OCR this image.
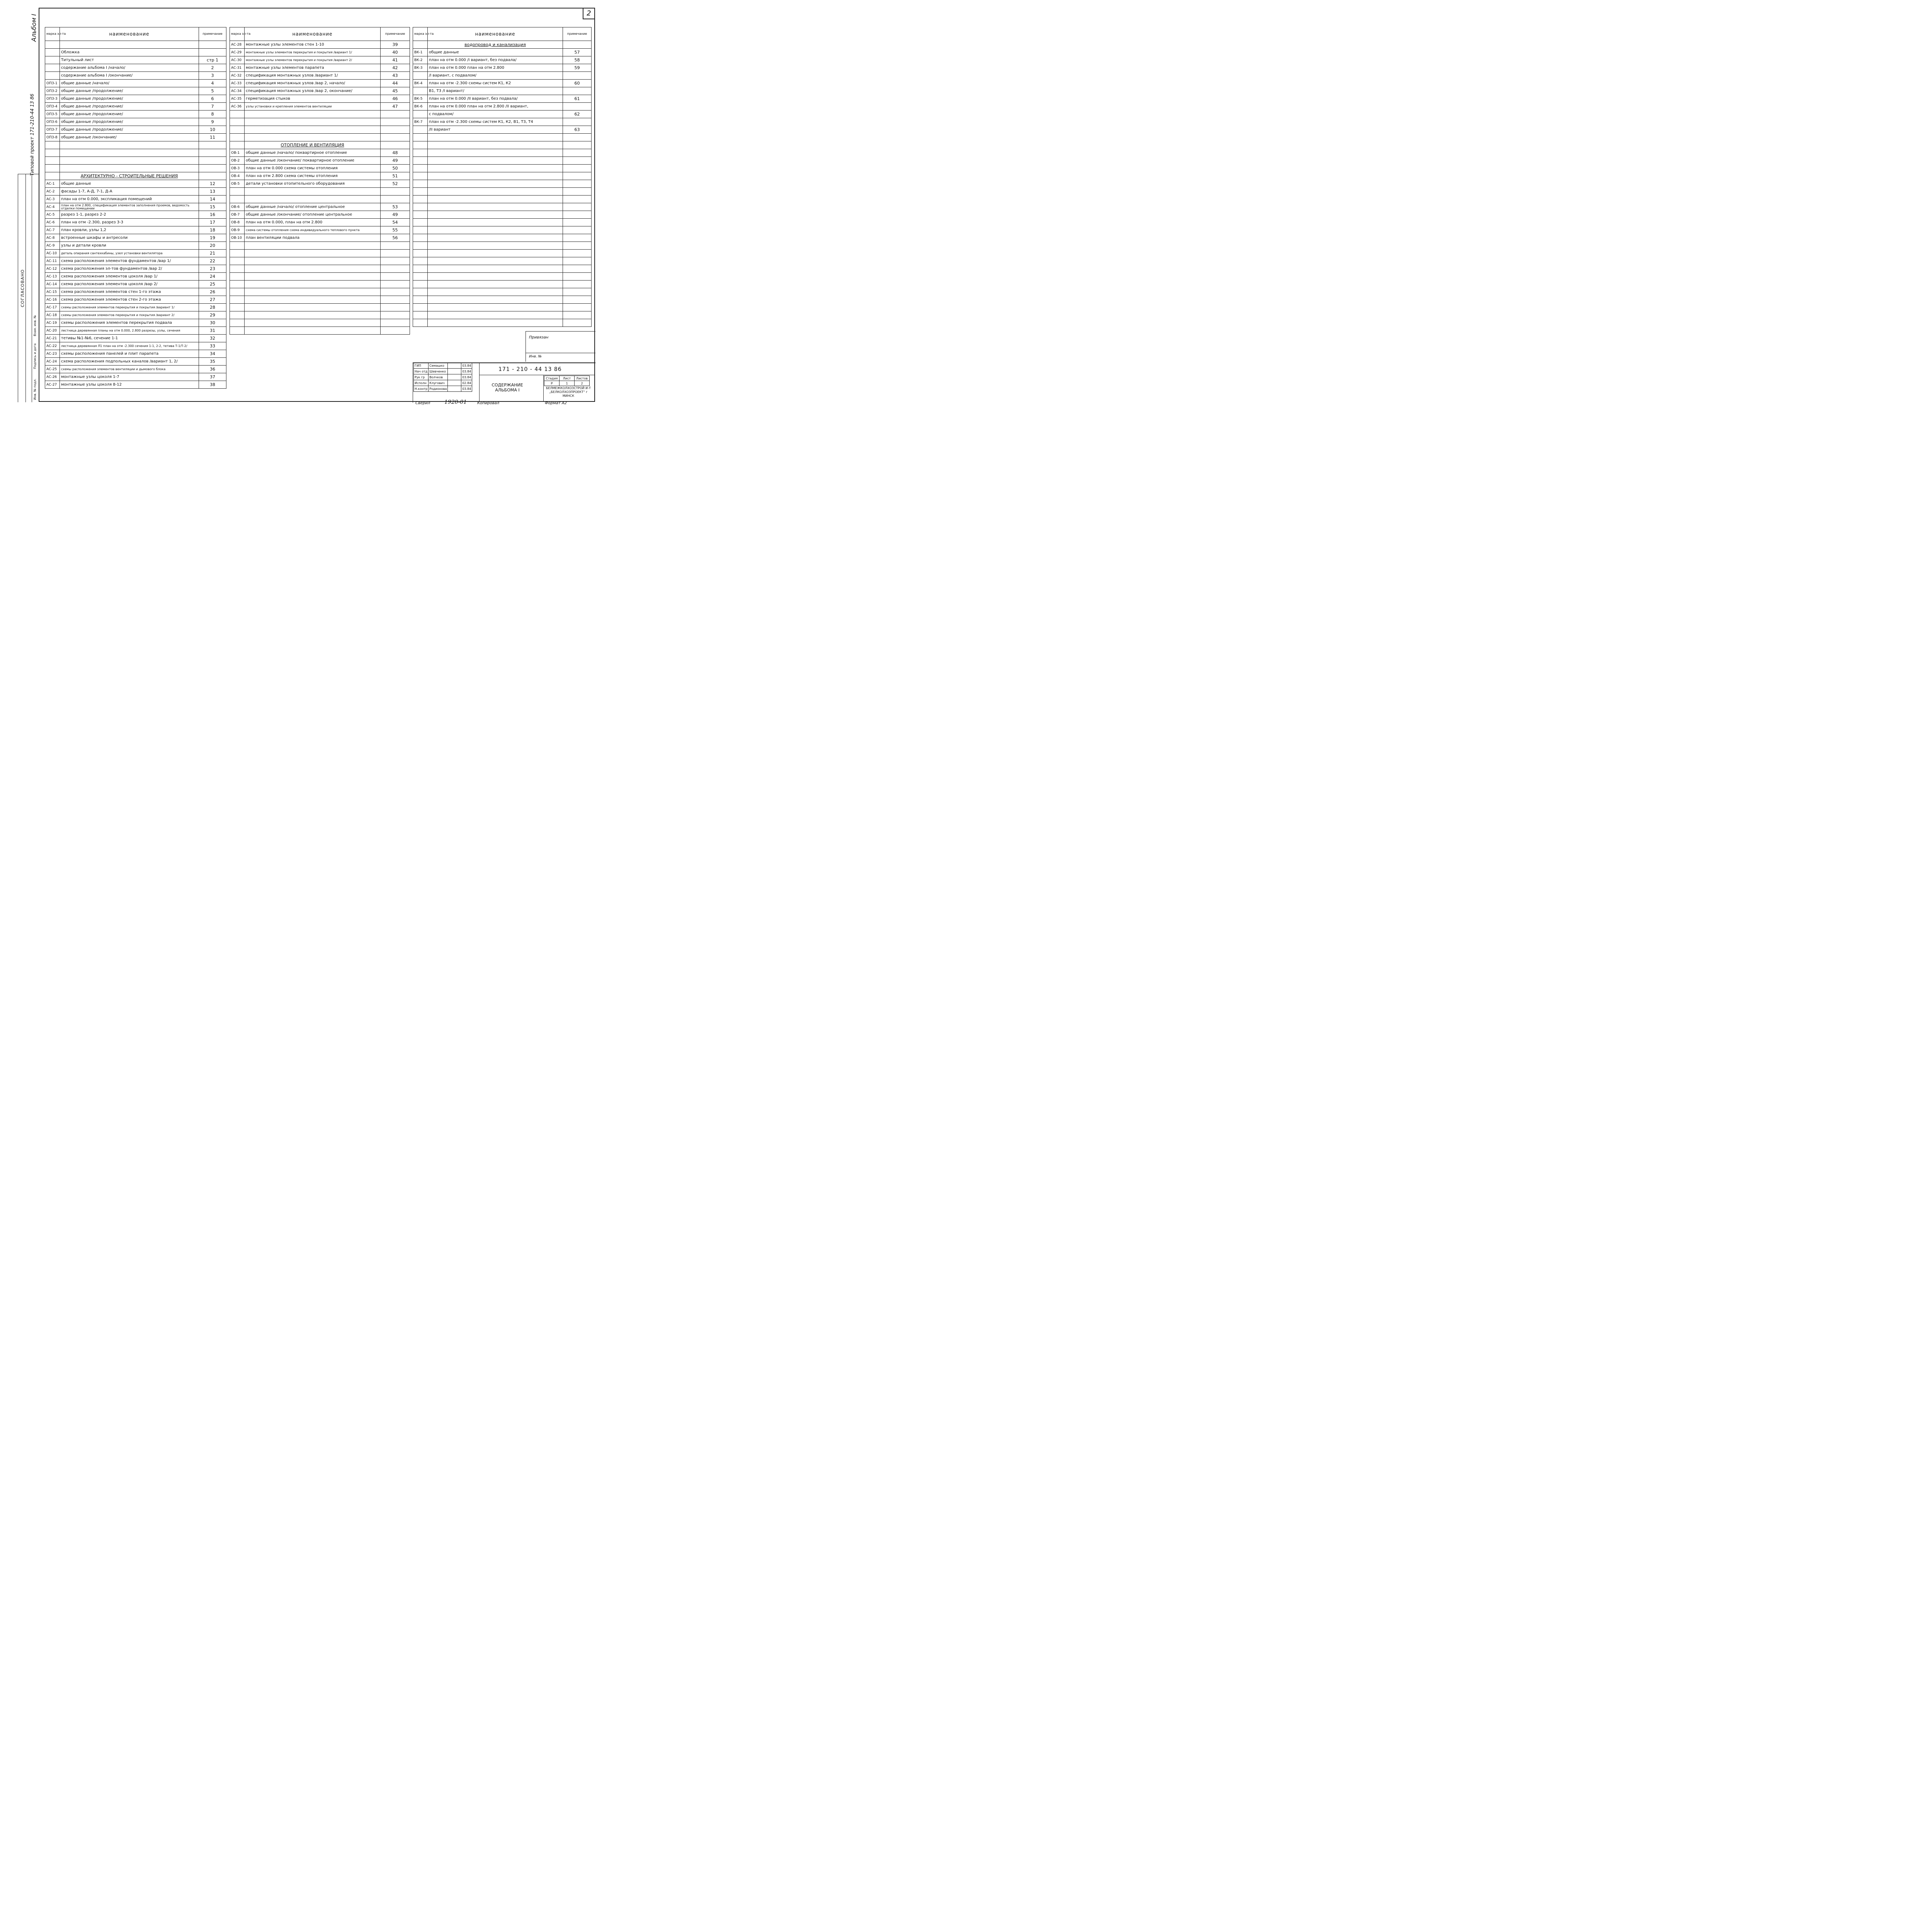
2
Альбом I
Типовой проект 171-210-44 13 86
СОГЛАСОВАНО
Инв. № подл.
Подпись и дата
Взам. инв. №
марка эл-та	наименование	примечание

	Обложка	
	Титульный лист	стр 1
	содержание альбома I /начало/	2
	содержание альбома I /окончание/	3
ОПЗ-1	общие данные /начало/	4
ОПЗ-2	общие данные /продолжение/	5
ОПЗ-3	общие данные /продолжение/	6
ОПЗ-4	общие данные /продолжение/	7
ОПЗ-5	общие данные /продолжение/	8
ОПЗ-6	общие данные /продолжение/	9
ОПЗ-7	общие данные /продолжение/	10
ОПЗ-8	общие данные /окончание/	11

	АРХИТЕКТУРНО - СТРОИТЕЛЬНЫЕ РЕШЕНИЯ	
АС-1	общие данные	12
АС-2	фасады 1-7, А-Д, 7-1, Д-А	13
АС-3	план на отм 0.000, экспликация помещений	14
АС-4	план на отм 2.800, спецификация элементов заполнения проемов, ведомость отделки помещении	15
АС-5	разрез 1-1, разрез 2-2	16
АС-6	план на отм -2.300, разрез 3-3	17
АС-7	план кровли, узлы 1,2	18
АС-8	встроенные шкафы и антресоли	19
АС-9	узлы и детали кровли	20
АС-10	деталь опирания сантехкабины, узел установки вентилятора	21
АС-11	схема расположения элементов фундаментов /вар 1/	22
АС-12	схема расположения эл-тов фундаментов /вар 2/	23
АС-13	схема расположения элементов цоколя /вар 1/	24
АС-14	схема расположения элементов цоколя /вар 2/	25
АС-15	схема расположения элементов стен 1-го этажа	26
АС-16	схема расположения элементов стен 2-го этажа	27
АС-17	схемы расположения элементов перекрытия и покрытия /вариант 1/	28
АС-18	схемы расположения элементов перекрытия и покрытия /вариант 2/	29
АС-19	схемы расположения элементов перекрытия подвала	30
АС-20	лестница деревянная планы на отм 0.000, 2.800 разрезы, узлы, сечения	31
АС-21	тетивы №1-№6, сечение 1-1	32
АС-22	лестница деревянная Л1 план на отм -2.300 сечения 1-1, 2-2, тетива Т-1/Т-2/	33
АС-23	схемы расположения панелей и плит парапета	34
АС-24	схема расположения подпольных каналов /вариант 1, 2/	35
АС-25	схемы расположения элементов вентиляции и дымового блока	36
АС-26	монтажные узлы цоколя 1-7	37
АС-27	монтажные узлы цоколя 8-12	38
марка эл-та	наименование	примечание
АС-28	монтажные узлы элементов стен 1-10	39
АС-29	монтажные узлы элементов перекрытия и покрытия /вариант 1/	40
АС-30	монтажные узлы элементов перекрытия и покрытия /вариант 2/	41
АС-31	монтажные узлы элементов парапета	42
АС-32	спецификация монтажных узлов /вариант 1/	43
АС-33	спецификация монтажных узлов /вар 2, начало/	44
АС-34	спецификация монтажных узлов /вар 2, окончание/	45
АС-35	герметизация стыков	46
АС-36	узлы установки и крепления элементов вентиляции	47

	ОТОПЛЕНИЕ И ВЕНТИЛЯЦИЯ	
ОВ-1	общие данные /начало/ поквартирное отопление	48
ОВ-2	общие данные /окончание/ поквартирное отопление	49
ОВ-3	план на отм 0.000 схема системы отопления	50
ОВ-4	план на отм 2.800 схема системы отопления	51
ОВ-5	детали установки отопительного оборудования	52

ОВ-6	общие данные /начало/ отопление центральное	53
ОВ-7	общие данные /окончание/ отопление центральное	49
ОВ-8	план на отм 0.000, план на отм 2.800	54
ОВ-9	схема системы отопления схема индивидуального теплового пункта	55
ОВ-10	план вентиляции подвала	56

марка эл-та	наименование	примечание
	водопровод и канализация	
ВК-1	общие данные	57
ВК-2	план на отм 0.000 /I вариант, без подвала/	58
ВК-3	план на отм 0.000 план на отм 2.800	59
	/I вариант, с подвалом/	
ВК-4	план на отм -2.300 схемы систем К1, К2	60
	В1, Т3 /I вариант/	
ВК-5	план на отм 0.000 /II вариант, без подвала/	61
ВК-6	план на отм 0.000 план на отм 2.800 /II вариант,	
	с подвалом/	62
ВК-7	план на отм -2.300 схемы систем К1, К2, В1, Т3, Т4	
	/II вариант	63

Привязан
Инв. №
ГИП	Семашко		03.84
Нач отд	Шевченко		03.84
Рук гр	Волчков		03.84
Исполн	Клугович		02.84
Н.контр	Родионова		03.84
171 - 210 - 44 13 86
СОДЕРЖАНИЕ АЛЬБОМА I
Стадия	Лист	Листов
Р	1	2
БЕЛМЕЖКОЛХОЗСТРОЙ И-Т „БЕЛКОЛХОЗПРОЕКТ“ г МИНСК
Сверил	1920-01	Копировал	Формат А2
